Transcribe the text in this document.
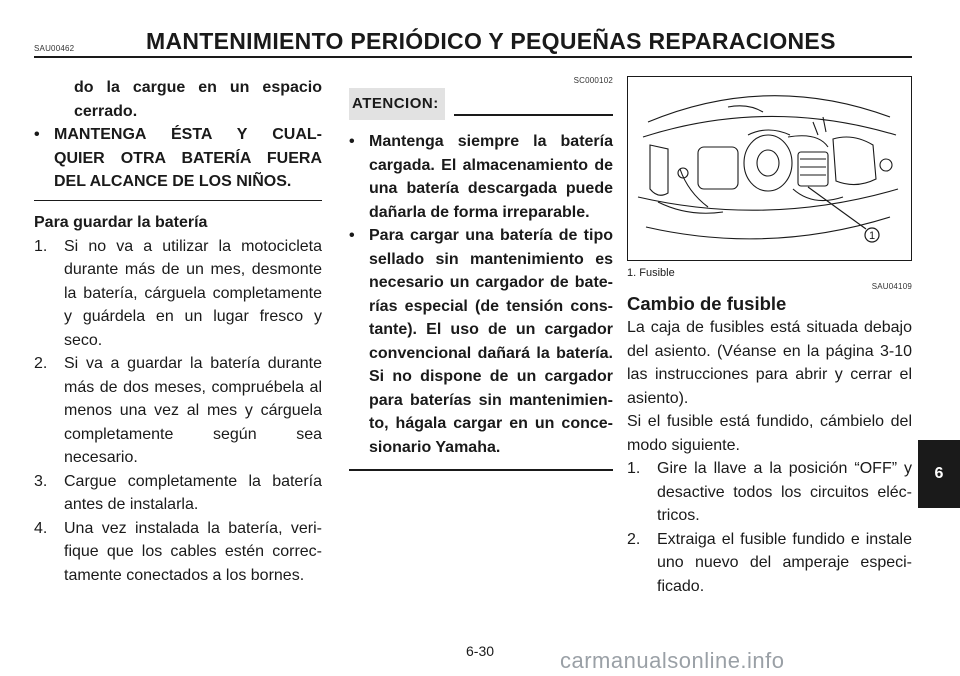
SAU00462	MANTENIMIENTO PERIÓDICO Y PEQUEÑAS REPARACIONES

do la cargue en un espacio

cerrado.

• MANTENGA ÉSTA Y CUAL-

QUIER OTRA BATERÍA FUERA

DEL ALCANCE DE LOS NIÑOS.

Para guardar la batería

1. Si no va a utilizar la motocicleta durante más de un mes, desmonte la batería, cárguela completamente y guárdela en un lugar fresco y seco.
2. Si va a guardar la batería durante más de dos meses, compruébela al menos una vez al mes y cárguela completamente según sea necesario.
3. Cargue completamente la batería antes de instalarla.
4. Una vez instalada la batería, verifique que los cables estén correctamente conectados a los bornes.
SC000102
ATENCION:
• Mantenga siempre la batería cargada. El almacenamiento de una batería descargada puede dañarla de forma irreparable.
• Para cargar una batería de tipo sellado sin mantenimiento es necesario un cargador de baterías especial (de tensión constante). El uso de un cargador convencional dañará la batería. Si no dispone de un cargador para baterías sin mantenimiento, hágala cargar en un concesionario Yamaha.
1

1. Fusible

SAU04109

Cambio de fusible

La caja de fusibles está situada debajo del asiento. (Véanse en la página 3-10 las instrucciones para abrir y cerrar el asiento).

Si el fusible está fundido, cámbielo del modo siguiente.

1. Gire la llave a la posición “OFF” y desactive todos los circuitos eléctricos.
2. Extraiga el fusible fundido e instale uno nuevo del amperaje especificado.
6
6-30	carmanualsonline.info
